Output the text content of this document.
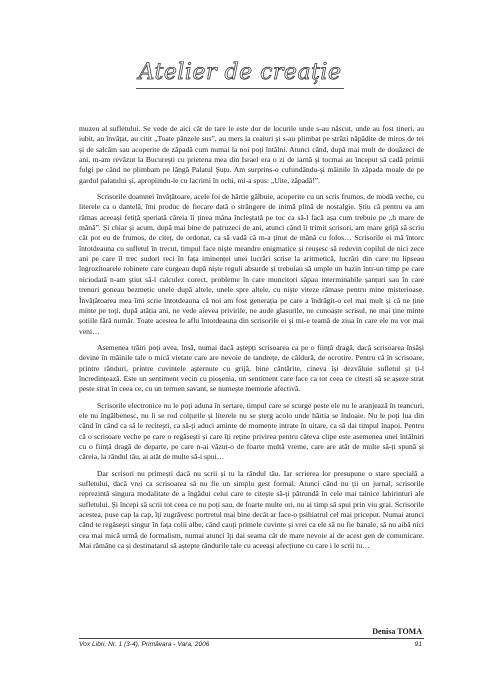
Atelier de creație

muzeu al sufletului. Se vede de aici cât de tare le este dor de locurile unde s-au născut, unde au fost tineri, au iubit, au învățat, au citit „Toate pânzele sus”, au mers la ceaiuri și s-au plimbat pe străzi năpădite de miros de tei și de salcâm sau acoperite de zăpadă cum numai la noi poți întâlni. Atunci când, după mai mult de douăzeci de ani, m-am revăzut la București cu prietena mea din Israel era o zi de iarnă și tocmai au început să cadă primii fulgi pe când ne plimbam pe lângă Palatul Șuțu. Am surprins-o cufundându-și mâinile în zăpada moale de pe gardul palatului și, apropiindu-le cu lacrimi în ochi, mi-a spus: „Uite, zăpadă!”.

Scrisorile doamnei învățătoare, acele foi de hârtie gălbuie, acoperite cu un scris frumos, de modă veche, cu literele ca o dantelă, îmi produc de fiecare dată o strângere de inimă plină de nostalgie. Știu că pentru ea am rămas aceeași fetiță speriată căreia îi ținea mâna încleștată pe toc ca să-l facă așa cum trebuie pe „h mare de mână”. Și chiar și acum, după mai bine de patruzeci de ani, atunci când îi trimit scrisori, am mare grijă să scriu cât pot eu de frumos, de citeț, de ordonat, ca să vadă că m-a ținut de mână cu folos… Scrisorile ei mă întorc întotdeauna cu sufletul în trecut, timpul face niște meandre enigmatice și reușesc să redevin copilul de nici zece ani pe care îl trec sudori reci în fața iminenței unei lucrări scrise la aritmetică, lucrări din care nu lipseau îngrozitoarele robinete care curgeau după niște reguli absurde și trebuiau să umple un bazin într-un timp pe care niciodată n-am știut să-l calculez corect, probleme în care muncitori săpau interminabile șanțuri sau în care trenuri goneau bezmetic unele după altele, unele spre altele, cu niște viteze râmase pentru mine misterioase. Învățătoarea mea îmi scrie întotdeauna că noi am fost generația pe care a îndrăgit-o cel mai mult și că ne ține minte pe toți, după atâția ani, ne vede aievea privirile, ne aude glasurile, ne cunoaște scrisul, ne mai ține minte șotiile fără număr. Toate acestea le aflu întotdeauna din scrisorile ei și mi-e teamă de ziua în care ele nu vor mai veni…

Asemenea trăiri poți avea, însă, numai dacă aștepți scrisoarea ca pe o ființă dragă, dacă scrisoarea însăși devine în mâinile tale o micã vietate care are nevoie de tandrețe, de căldură, de ocrotire. Pentru că în scrisoare, printre rânduri, printre cuvintele așternute cu grijă, bine cântărite, cineva își dezvăluie sufletul și ți-l încredințează. Este un sentiment vecin cu pioșenia, un sentiment care face ca tot ceea ce citești să se așeze strat peste strat în ceea ce, cu un termen savant, se numește memorie afectivă.

Scrisorile electronice nu le poți aduna în sertare, timpul care se scurge peste ele nu le aranjează în teancuri, ele nu îngălbenesc, nu li se rod colțurile și literele nu se șterg acolo unde hârtia se îndoaie. Nu le poți lua din când în când ca să le recitești, ca să-ți aduci aminte de momente intrate în uitare, ca să dai timpul înapoi. Pentru că o scrisoare veche pe care o regăsești și care îți reține privirea pentru câteva clipe este asemenea unei întâlniri cu o ființă dragă de departe, pe care n-ai văzut-o de foarte multă vreme, care are atât de multe să-ți spună și căreia, la rândul tău, ai atât de multe să-i spui…

Dar scrisori nu primești dacă nu scrii și tu la rândul tău. Iar scrierea lor presupune o stare specială a sufletului, dacă vrei ca scrisoarea să nu fie un simplu gest formal. Atunci când nu ții un jurnal, scrisorile reprezintă singura modalitate de a îngădui celui care te citește să-ți pătrundă în cele mai tainice labirinturi ale sufletului. Și începi să scrii tot ceea ce nu poți sau, de foarte multe ori, nu ai timp să spui prin viu grai. Scrisorile acestea, puse cap la cap, îți zugrăvesc portretul mai bine decât ar face-o psihiatrul cel mai priceput. Numai atunci când te regăsești singur în fața colii albe, când cauți primele cuvinte și vrei ca ele să nu fie banale, să nu aibă nici cea mai mică urmă de formalism, numai atunci îți dai seama cât de mare nevoie ai de acest gen de comunicare. Mai rămâne ca și destinatarul să aștepte rândurile tale cu aceeași afecțiune cu care i le scrii tu…

Denisa TOMA
Vox Libri, Nr. 1 (3-4), Primăvara - Vara, 2006	91
